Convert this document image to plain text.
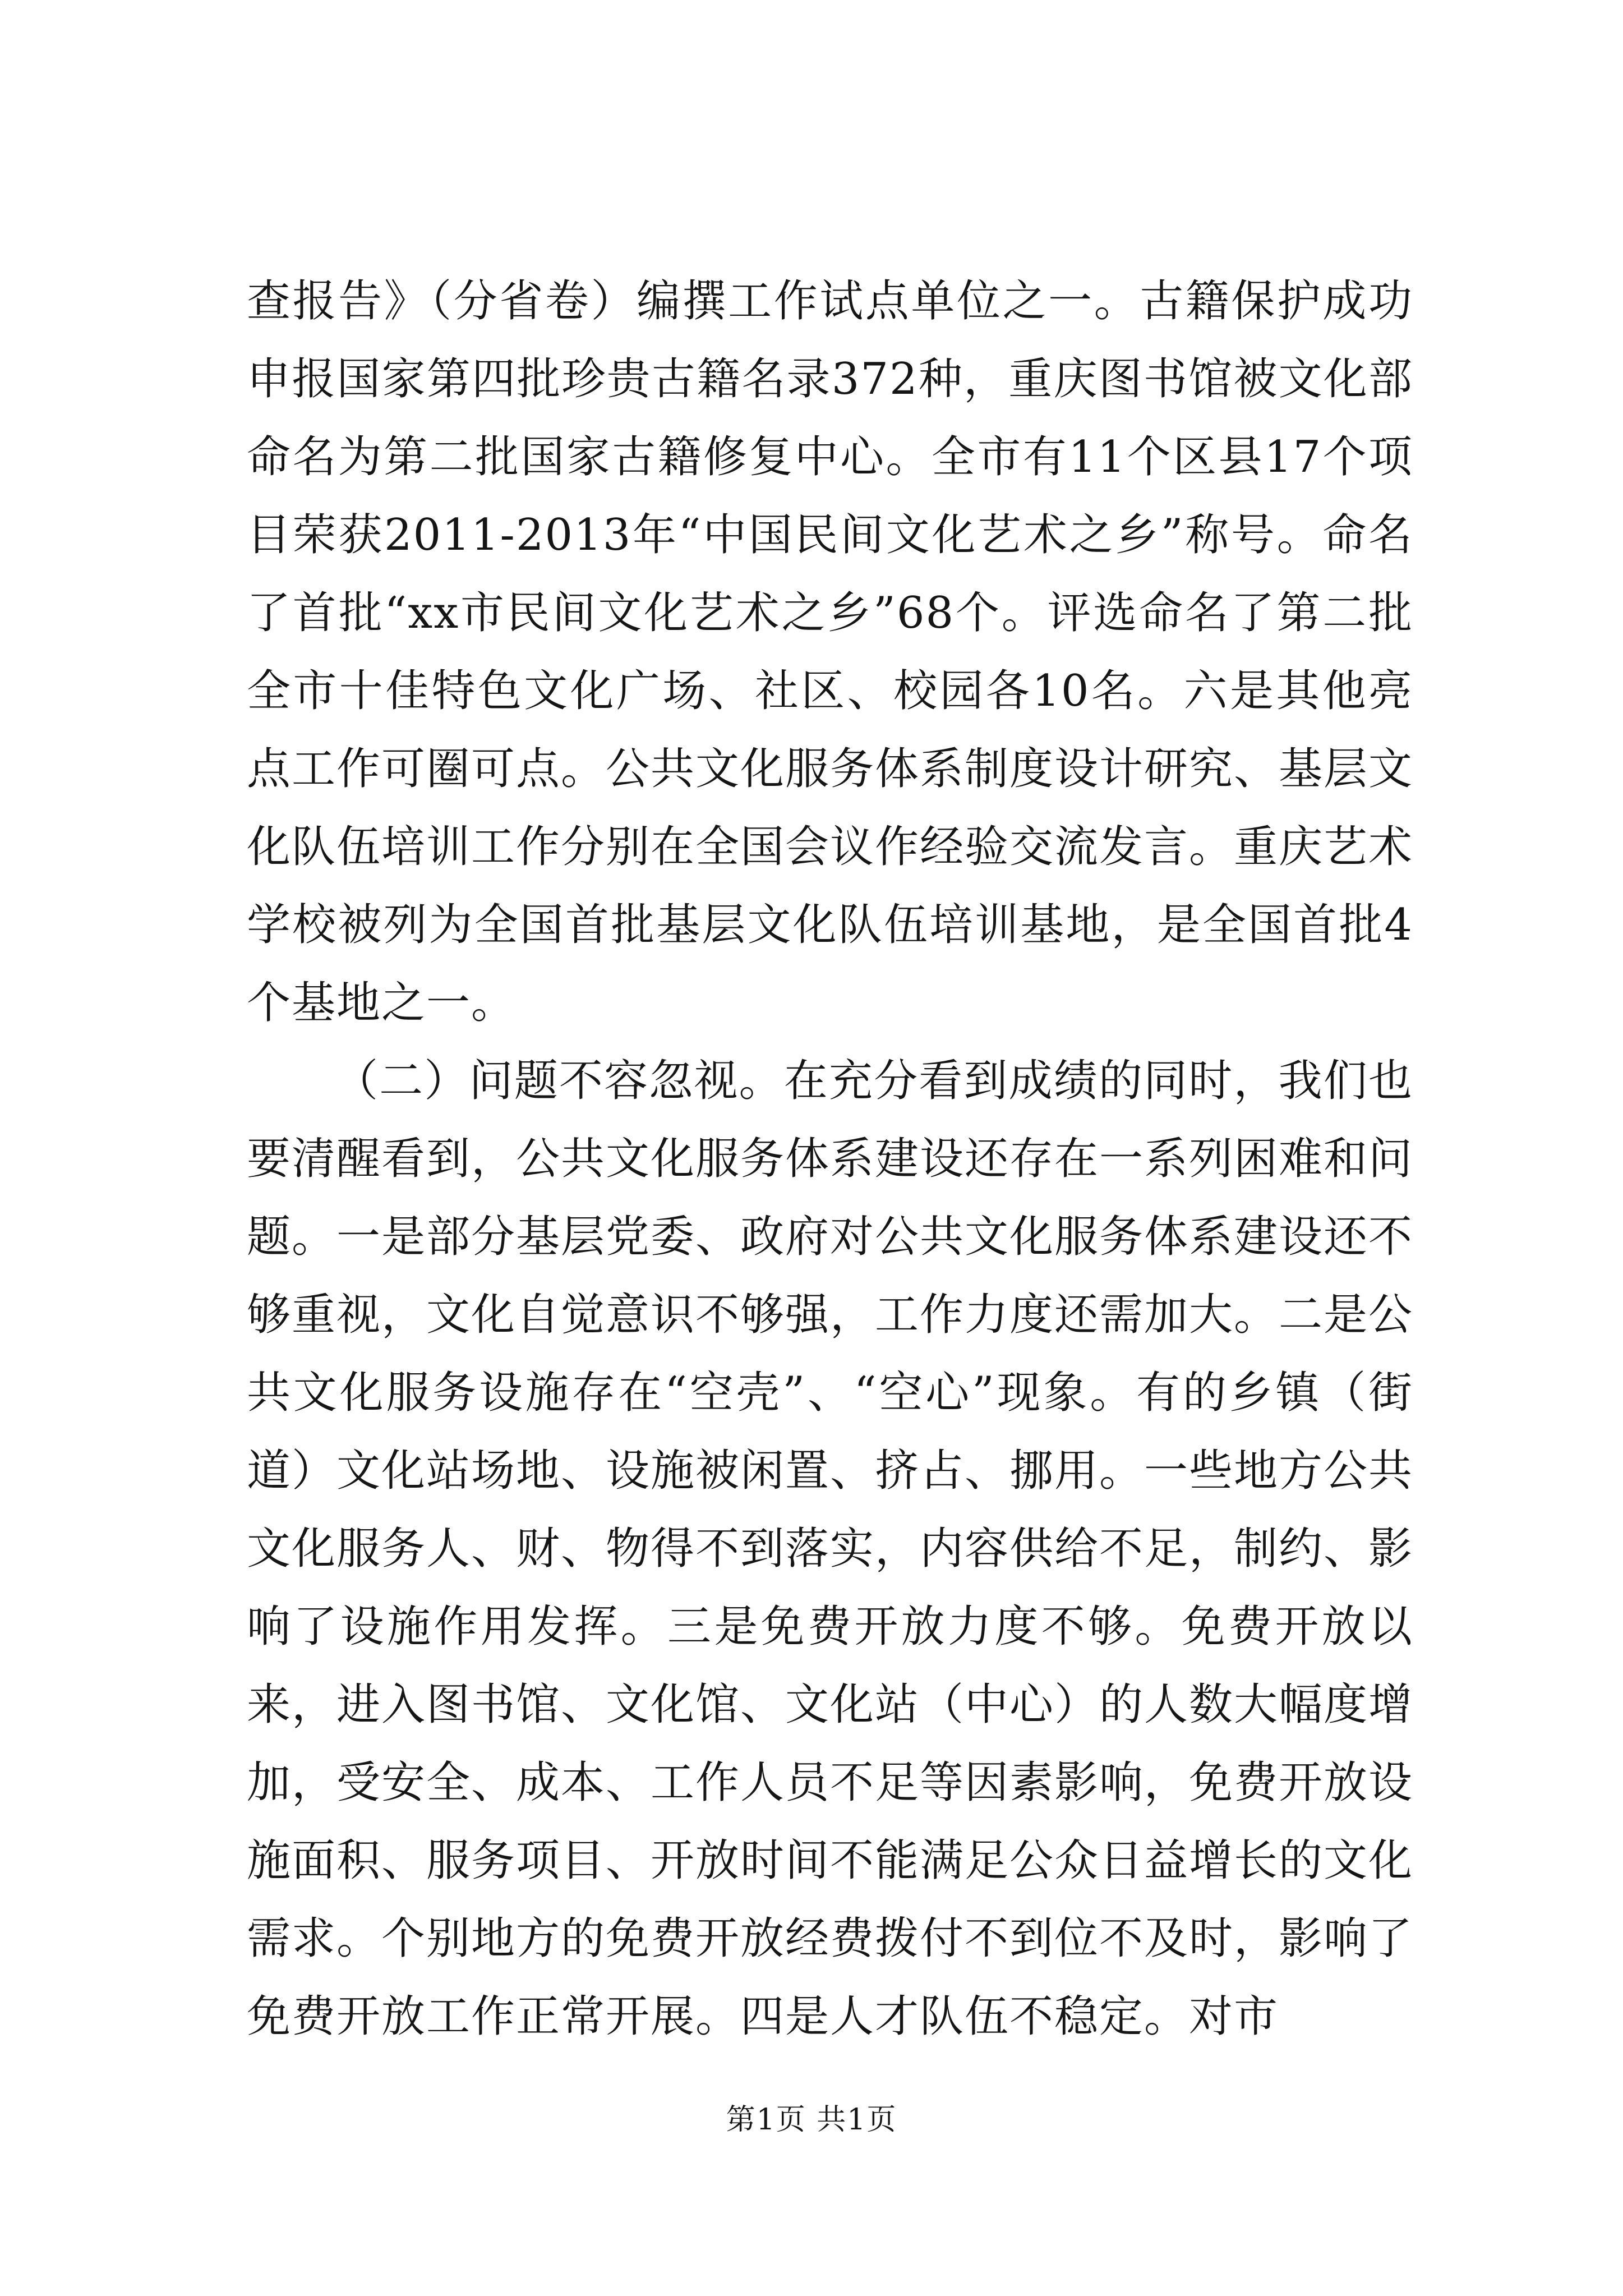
查报告》（分省卷）编撰工作试点单位之一。古籍保护成功申报国家第四批珍贵古籍名录372种，重庆图书馆被文化部命名为第二批国家古籍修复中心。全市有11个区县17个项目荣获2011-2013年“中国民间文化艺术之乡”称号。命名了首批“xx市民间文化艺术之乡”68个。评选命名了第二批全市十佳特色文化广场、社区、校园各10名。六是其他亮点工作可圈可点。公共文化服务体系制度设计研究、基层文化队伍培训工作分别在全国会议作经验交流发言。重庆艺术学校被列为全国首批基层文化队伍培训基地，是全国首批4个基地之一。

（二）问题不容忽视。在充分看到成绩的同时，我们也要清醒看到，公共文化服务体系建设还存在一系列困难和问题。一是部分基层党委、政府对公共文化服务体系建设还不够重视，文化自觉意识不够强，工作力度还需加大。二是公共文化服务设施存在“空壳”、“空心”现象。有的乡镇（街道）文化站场地、设施被闲置、挤占、挪用。一些地方公共文化服务人、财、物得不到落实，内容供给不足，制约、影响了设施作用发挥。三是免费开放力度不够。免费开放以来，进入图书馆、文化馆、文化站（中心）的人数大幅度增加，受安全、成本、工作人员不足等因素影响，免费开放设施面积、服务项目、开放时间不能满足公众日益增长的文化需求。个别地方的免费开放经费拨付不到位不及时，影响了免费开放工作正常开展。四是人才队伍不稳定。对市

第1页 共1页
